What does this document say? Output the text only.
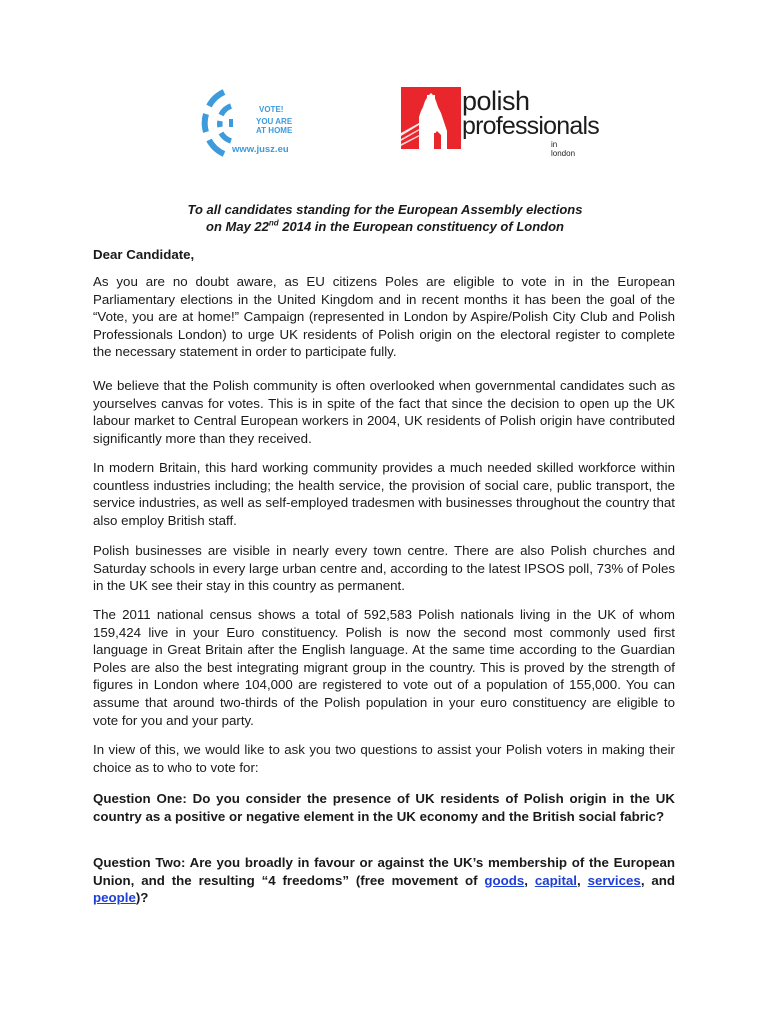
VOTE!
YOU ARE
AT HOME
www.jusz.eu
polish
professionals
in london
To all candidates standing for the European Assembly elections
on May 22nd 2014 in the European constituency of London
Dear Candidate,

As you are no doubt aware, as EU citizens Poles are eligible to vote in in the European Parliamentary elections in the United Kingdom and in recent months it has been the goal of the “Vote, you are at home!” Campaign (represented in London by Aspire/Polish City Club and Polish Professionals London) to urge UK residents of Polish origin on the electoral register to complete the necessary statement in order to participate fully.

We believe that the Polish community is often overlooked when governmental candidates such as yourselves canvas for votes. This is in spite of the fact that since the decision to open up the UK labour market to Central European workers in 2004, UK residents of Polish origin have contributed significantly more than they received.

In modern Britain, this hard working community provides a much needed skilled workforce within countless industries including; the health service, the provision of social care, public transport, the service industries, as well as self-employed tradesmen with businesses throughout the country that also employ British staff.

Polish businesses are visible in nearly every town centre. There are also Polish churches and Saturday schools in every large urban centre and, according to the latest IPSOS poll, 73% of Poles in the UK see their stay in this country as permanent.

The 2011 national census shows a total of 592,583 Polish nationals living in the UK of whom 159,424 live in your Euro constituency. Polish is now the second most commonly used first language in Great Britain after the English language. At the same time according to the Guardian Poles are also the best integrating migrant group in the country. This is proved by the strength of figures in London where 104,000 are registered to vote out of a population of 155,000. You can assume that around two-thirds of the Polish population in your euro constituency are eligible to vote for you and your party.

In view of this, we would like to ask you two questions to assist your Polish voters in making their choice as to who to vote for:

Question One: Do you consider the presence of UK residents of Polish origin in the UK country as a positive or negative element in the UK economy and the British social fabric?

Question Two: Are you broadly in favour or against the UK’s membership of the European Union, and the resulting “4 freedoms” (free movement of goods, capital, services, and people)?
